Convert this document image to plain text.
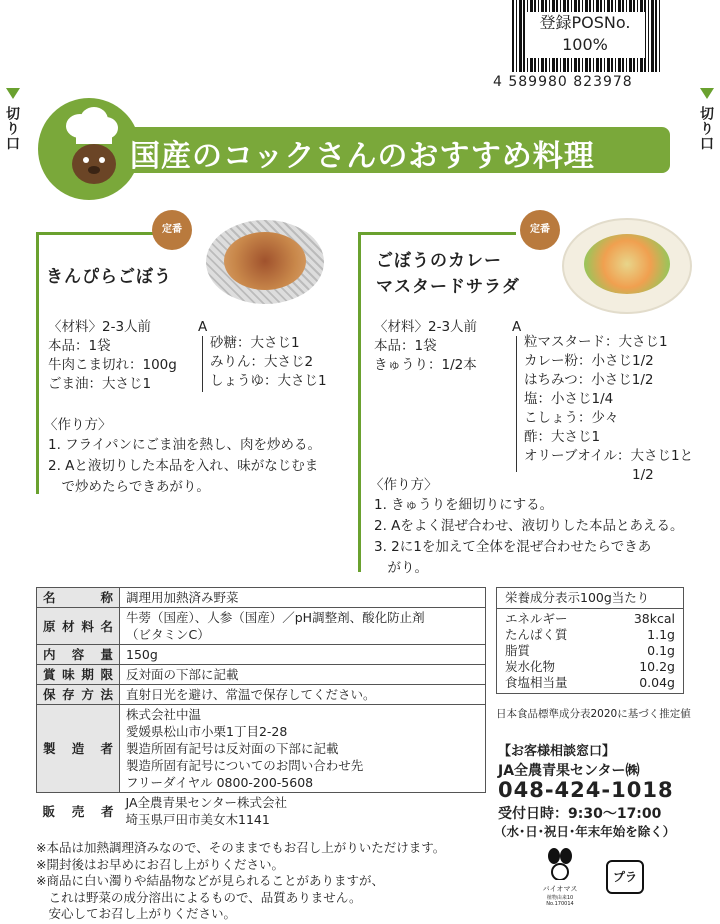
登録POSNo.
100%
4 589980 823978
切り口	切り口
国産のコックさんのおすすめ料理
定番
きんぴらごぼう
〈材料〉2-3人前
本品：1袋
牛肉こま切れ：100g
ごま油：大さじ1
A
砂糖：大さじ1
みりん：大さじ2
しょうゆ：大さじ1
〈作り方〉
1. フライパンにごま油を熱し、肉を炒める。
2. Aと液切りした本品を入れ、味がなじむま
　で炒めたらできあがり。
定番
ごぼうのカレー
マスタードサラダ
〈材料〉2-3人前
本品：1袋
きゅうり：1/2本
A
粒マスタード：大さじ1
カレー粉：小さじ1/2
はちみつ：小さじ1/2
塩：小さじ1/4
こしょう：少々
酢：大さじ1
オリーブオイル：大さじ1と
　　　　　　　　1/2
〈作り方〉
1. きゅうりを細切りにする。
2. Aをよく混ぜ合わせ、液切りした本品とあえる。
3. 2に1を加えて全体を混ぜ合わせたらできあ
　がり。
名　称	調理用加熱済み野菜
原材料名	牛蒡（国産）、人参（国産）／pH調整剤、酸化防止剤
（ビタミンC）

内容量	150g
賞味期限	反対面の下部に記載
保存方法	直射日光を避け、常温で保存してください。
製造者	株式会社中温
愛媛県松山市小栗1丁目2-28
製造所固有記号は反対面の下部に記載
製造所固有記号についてのお問い合わせ先
フリーダイヤル 0800-200-5608

販売者	JA全農青果センター株式会社
埼玉県戸田市美女木1141
栄養成分表示100g当たり
エネルギー	38kcal
たんぱく質	1.1g
脂質	0.1g
炭水化物	10.2g
食塩相当量	0.04g
日本食品標準成分表2020に基づく推定値
【お客様相談窓口】
JA全農青果センター㈱
048-424-1018
受付日時：9:30〜17:00
（水･日･祝日･年末年始を除く）
※本品は加熱調理済みなので、そのままでもお召し上がりいただけます。
※開封後はお早めにお召し上がりください。
※商品に白い濁りや結晶物などが見られることがありますが、
　これは野菜の成分溶出によるもので、品質ありません。
　安心してお召し上がりください。
バイオマス
植物由来10 No.170014
プラ
